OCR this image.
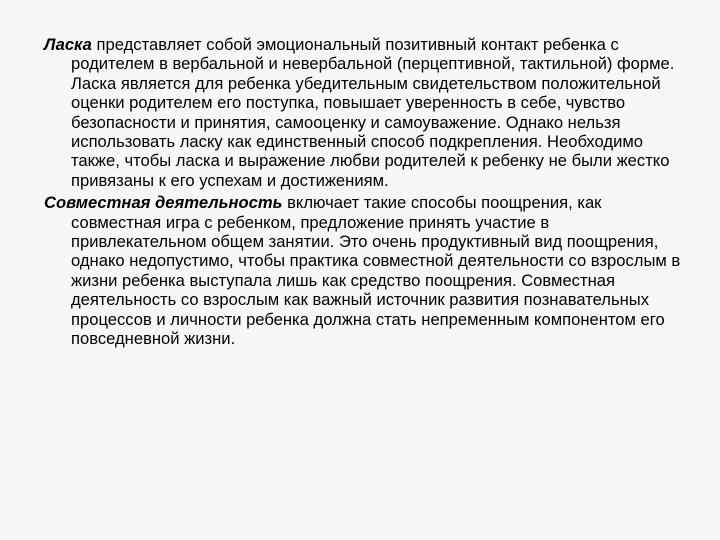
Ласка представляет собой эмоциональный позитивный контакт ребенка с родителем в вербальной и невербальной (перцептивной, тактильной) форме. Ласка является для ребенка убедительным свидетельством положительной оценки родителем его поступка, повышает уверенность в себе, чувство безопасности и принятия, самооценку и самоуважение. Однако нельзя использовать ласку как единственный способ подкрепления. Необходимо также, чтобы ласка и выражение любви родителей к ребенку не были жестко привязаны к его успехам и достижениям.

Совместная деятельность включает такие способы поощрения, как совместная игра с ребенком, предложение принять участие в привлекательном общем занятии. Это очень продуктивный вид поощрения, однако недопустимо, чтобы практика совместной деятельности со взрослым в жизни ребенка выступала лишь как средство поощрения. Совместная деятельность со взрослым как важный источник развития познавательных процессов и личности ребенка должна стать непременным компонентом его повседневной жизни.
